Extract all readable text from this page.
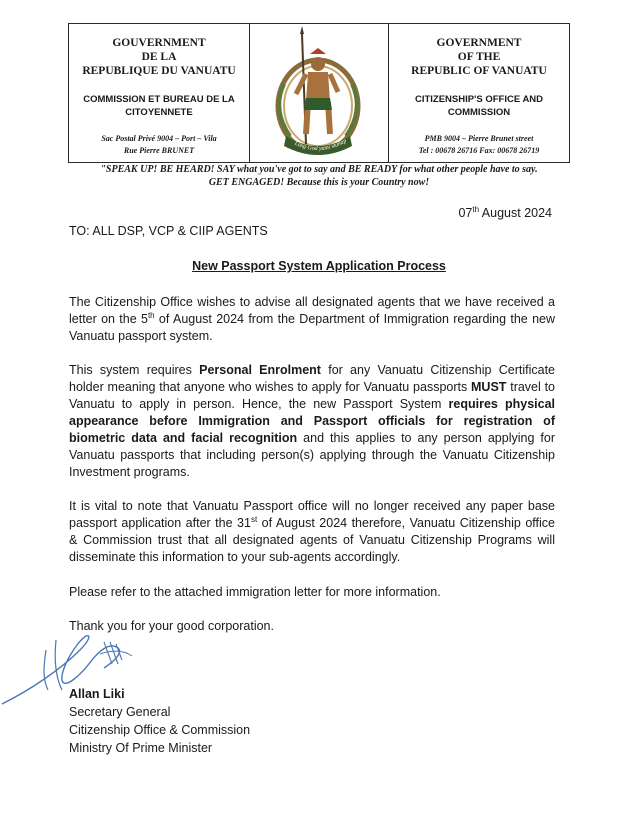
GOUVERNMENT
DE LA
REPUBLIQUE DU VANUATU
COMMISSION ET BUREAU DE LA
CITOYENNETE
Sac Postal Privé 9004 – Port – Vila
Rue Pierre BRUNET
Long God yumi stanap
GOVERNMENT
OF THE
REPUBLIC OF VANUATU
CITIZENSHIP'S OFFICE AND
COMMISSION
PMB 9004 – Pierre Brunet street
Tel : 00678 26716 Fax: 00678 26719
"SPEAK UP! BE HEARD! SAY what you've got to say and BE READY for what other people have to say.
GET ENGAGED! Because this is your Country now!
07th August 2024
TO: ALL DSP, VCP & CIIP AGENTS
New Passport System Application Process
The Citizenship Office wishes to advise all designated agents that we have received a letter on the 5th of August 2024 from the Department of Immigration regarding the new Vanuatu passport system.
This system requires Personal Enrolment for any Vanuatu Citizenship Certificate holder meaning that anyone who wishes to apply for Vanuatu passports MUST travel to Vanuatu to apply in person. Hence, the new Passport System requires physical appearance before Immigration and Passport officials for registration of biometric data and facial recognition and this applies to any person applying for Vanuatu passports that including person(s) applying through the Vanuatu Citizenship Investment programs.
It is vital to note that Vanuatu Passport office will no longer received any paper base passport application after the 31st of August 2024 therefore, Vanuatu Citizenship office & Commission trust that all designated agents of Vanuatu Citizenship Programs will disseminate this information to your sub-agents accordingly.
Please refer to the attached immigration letter for more information.
Thank you for your good corporation.
Allan Liki
Secretary General
Citizenship Office & Commission
Ministry Of Prime Minister
